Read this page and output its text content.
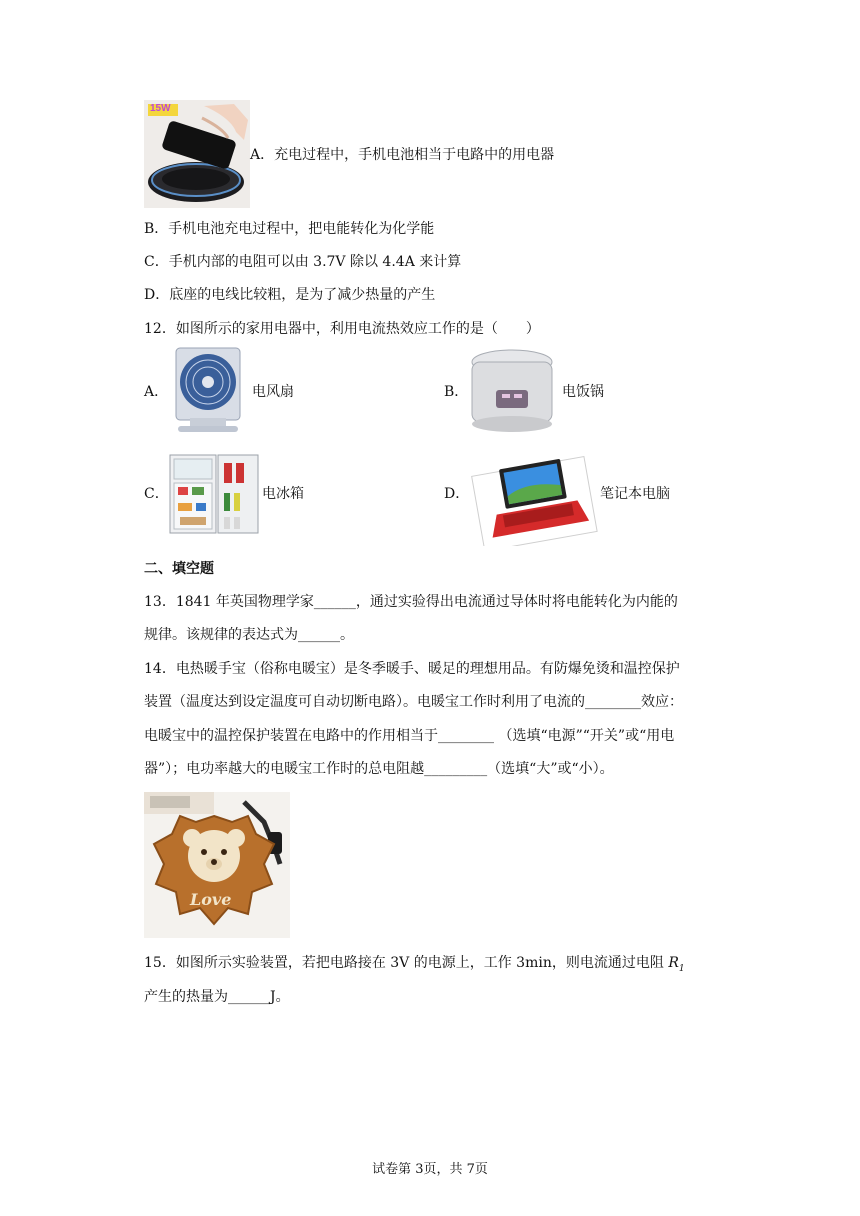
15W
A．充电过程中，手机电池相当于电路中的用电器
B．手机电池充电过程中，把电能转化为化学能
C．手机内部的电阻可以由 3.7V 除以 4.4A 来计算
D．底座的电线比较粗，是为了减少热量的产生
12．如图所示的家用电器中，利用电流热效应工作的是（　　）
A．	电风扇	B．	电饭锅
C．	电冰箱	D．	笔记本电脑
二、填空题
13．1841 年英国物理学家______，通过实验得出电流通过导体时将电能转化为内能的
规律。该规律的表达式为______。
14．电热暖手宝（俗称电暖宝）是冬季暖手、暖足的理想用品。有防爆免烫和温控保护
装置（温度达到设定温度可自动切断电路）。电暖宝工作时利用了电流的________效应：
电暖宝中的温控保护装置在电路中的作用相当于________ （选填“电源”“开关”或“用电
器”）；电功率越大的电暖宝工作时的总电阻越_________（选填“大”或“小）。
Love
15．如图所示实验装置，若把电路接在 3V 的电源上，工作 3min，则电流通过电阻 $R_1$
产生的热量为______J。
试卷第 3页，共 7页
